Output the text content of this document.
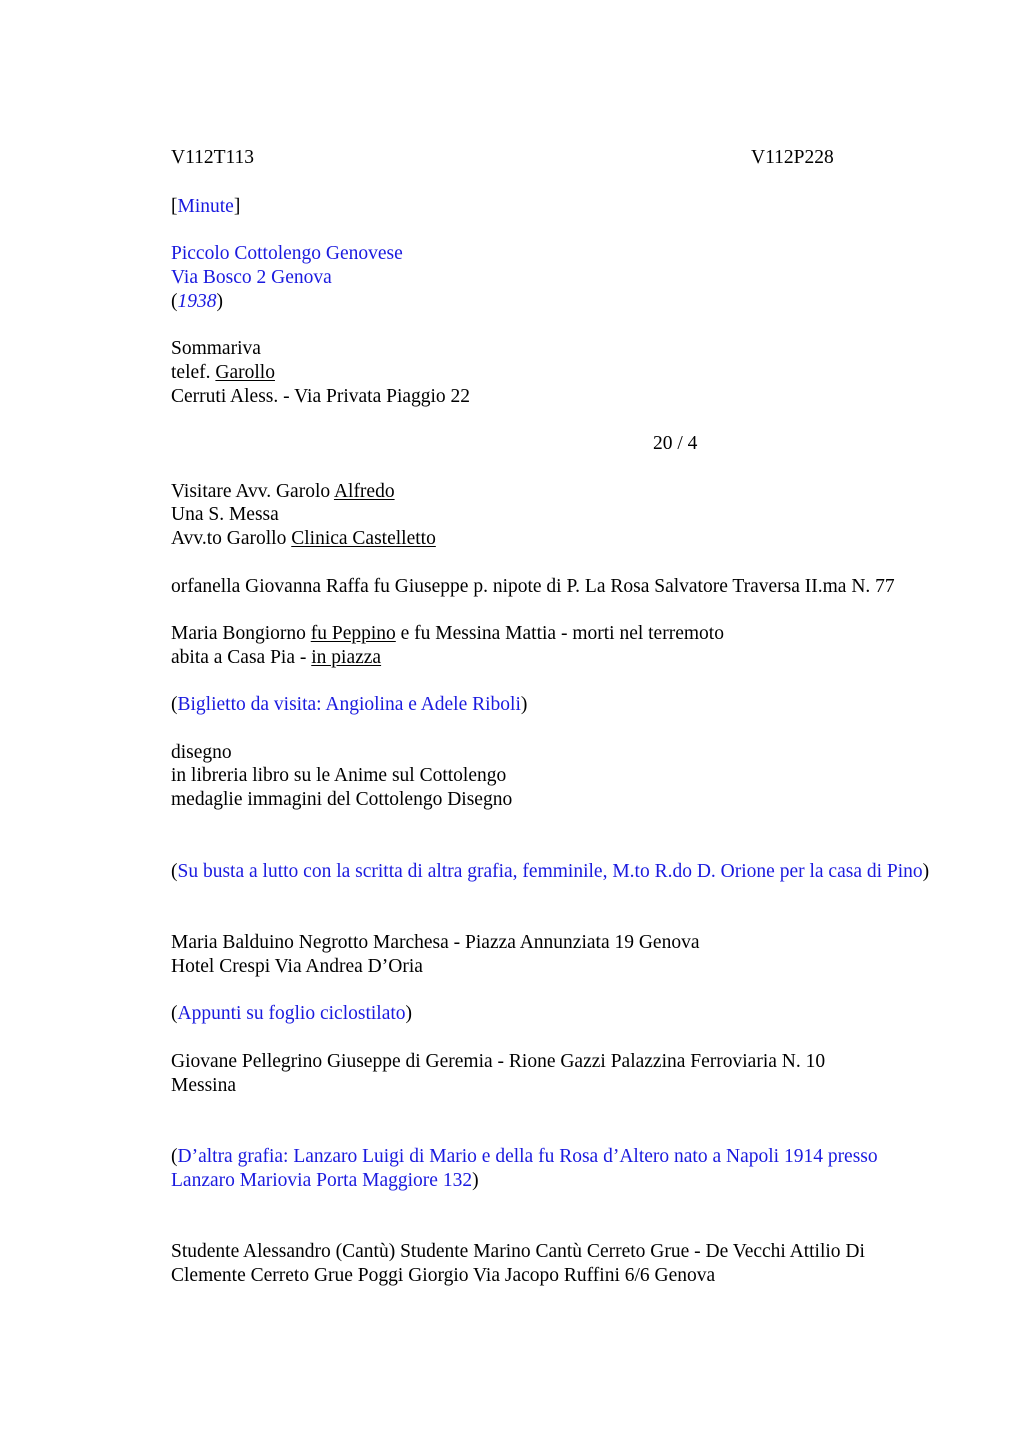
V112T113	V112P228
[Minute]
Piccolo Cottolengo Genovese
Via Bosco 2 Genova
(1938)
Sommariva
telef. Garollo
Cerruti Aless. - Via Privata Piaggio 22
20 / 4
Visitare Avv. Garolo Alfredo
Una S. Messa
Avv.to Garollo Clinica Castelletto
orfanella Giovanna Raffa fu Giuseppe p. nipote di P. La Rosa Salvatore Traversa II.ma N. 77
Maria Bongiorno fu Peppino e fu Messina Mattia - morti nel terremoto
abita a Casa Pia - in piazza
(Biglietto da visita: Angiolina e Adele Riboli)
disegno
in libreria libro su le Anime sul Cottolengo
medaglie immagini del Cottolengo Disegno
(Su busta a lutto con la scritta di altra grafia, femminile, M.to R.do D. Orione per la casa di Pino)
Maria Balduino Negrotto Marchesa - Piazza Annunziata 19 Genova
Hotel Crespi Via Andrea D’Oria
(Appunti su foglio ciclostilato)
Giovane Pellegrino Giuseppe di Geremia - Rione Gazzi Palazzina Ferroviaria N. 10 Messina
(D’altra grafia: Lanzaro Luigi di Mario e della fu Rosa d’Altero nato a Napoli 1914 presso Lanzaro Mariovia Porta Maggiore 132)
Studente Alessandro (Cantù) Studente Marino Cantù Cerreto Grue - De Vecchi Attilio Di Clemente Cerreto Grue Poggi Giorgio Via Jacopo Ruffini 6/6 Genova
